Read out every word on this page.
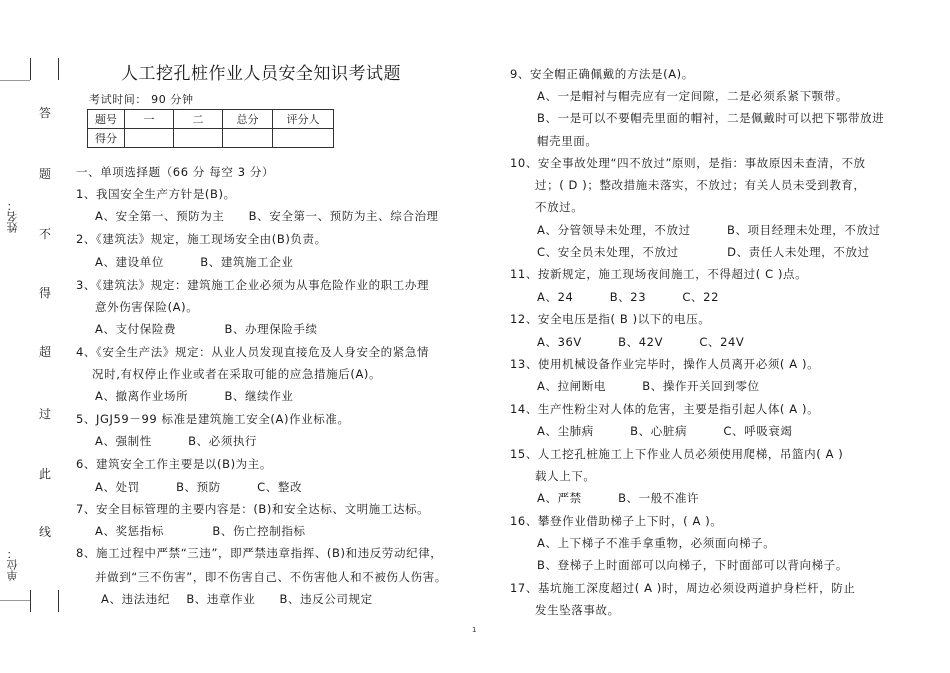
答
题
不
得
超
过
此
线
姓名：
单位：
人工挖孔桩作业人员安全知识考试题
考试时间： 90 分钟
题号	一	二	总分	评分人
得分				
一、单项选择题（66 分 每空 3 分）
1、我国安全生产方针是(B)。
A、安全第一、预防为主　　B、安全第一、预防为主、综合治理
2、《建筑法》规定，施工现场安全由(B)负责。
A、建设单位　　　B、建筑施工企业
3、《建筑法》规定：建筑施工企业必须为从事危险作业的职工办理
意外伤害保险(A)。
A、支付保险费　　　　B、办理保险手续
4、《安全生产法》规定：从业人员发现直接危及人身安全的紧急情
况时,有权停止作业或者在采取可能的应急措施后(A)。
A、撤离作业场所　　　B、继续作业
5、JGJ59－99 标准是建筑施工安全(A)作业标准。
A、强制性　　　B、必须执行
6、建筑安全工作主要是以(B)为主。
A、处罚　　　B、预防　　　C、整改
7、安全目标管理的主要内容是：(B)和安全达标、文明施工达标。
A、奖惩指标　　　　B、伤亡控制指标
8、施工过程中严禁“三违”，即严禁违章指挥、(B)和违反劳动纪律，
并做到“三不伤害”，即不伤害自己、不伤害他人和不被伤人伤害。
A、违法违纪　 B、违章作业　　B、违反公司规定
9、安全帽正确佩戴的方法是(A)。
A、一是帽衬与帽壳应有一定间隙，二是必须系紧下颚带。
B、一是可以不要帽壳里面的帽衬，二是佩戴时可以把下鄂带放进
帽壳里面。
10、安全事故处理“四不放过”原则，是指：事故原因未查清，不放
过；( D )；整改措施未落实，不放过；有关人员未受到教育，
不放过。
A、分管领导未处理，不放过　　　B、项目经理未处理，不放过
C、安全员未处理，不放过　　　　D、责任人未处理，不放过
11、按新规定，施工现场夜间施工，不得超过( C )点。
A、24　　　B、23　　　C、22
12、安全电压是指( B )以下的电压。
A、36V　　　B、42V　　　C、24V
13、使用机械设备作业完毕时，操作人员离开必须( A )。
A、拉闸断电　　　B、操作开关回到零位
14、生产性粉尘对人体的危害，主要是指引起人体( A )。
A、尘肺病　　　B、心脏病　　　C、呼吸衰竭
15、人工挖孔桩施工上下作业人员必须使用爬梯，吊篮内( A )
载人上下。
A、严禁　　　B、一般不准许
16、攀登作业借助梯子上下时，( A )。
A、上下梯子不准手拿重物，必须面向梯子。
B、登梯子上时面部可以向梯子，下时面部可以背向梯子。
17、基坑施工深度超过( A )时，周边必须设两道护身栏杆，防止
发生坠落事故。
1
